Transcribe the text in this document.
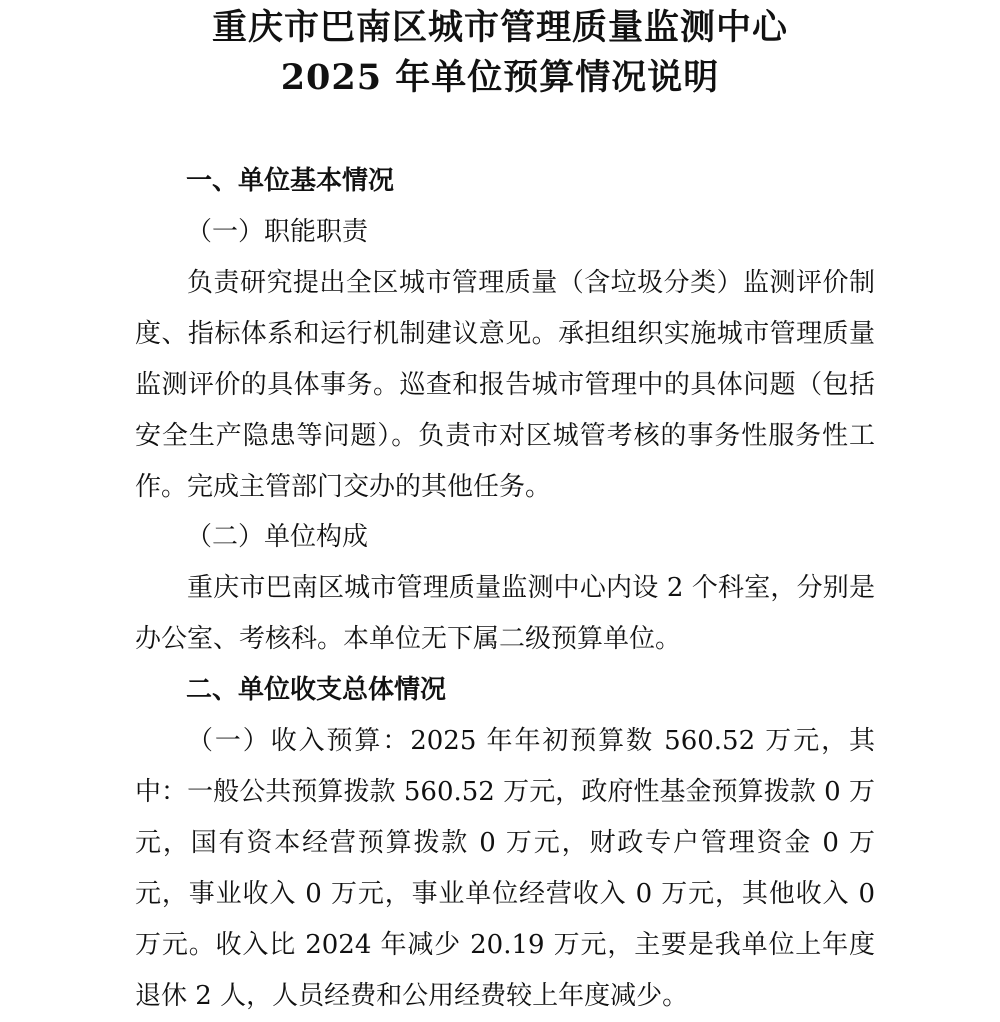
重庆市巴南区城市管理质量监测中心
2025 年单位预算情况说明
一、单位基本情况
（一）职能职责
负责研究提出全区城市管理质量（含垃圾分类）监测评价制度、指标体系和运行机制建议意见。承担组织实施城市管理质量监测评价的具体事务。巡查和报告城市管理中的具体问题（包括安全生产隐患等问题）。负责市对区城管考核的事务性服务性工作。完成主管部门交办的其他任务。
（二）单位构成
重庆市巴南区城市管理质量监测中心内设 2 个科室，分别是办公室、考核科。本单位无下属二级预算单位。
二、单位收支总体情况
（一）收入预算：2025 年年初预算数 560.52 万元，其中：一般公共预算拨款 560.52 万元，政府性基金预算拨款 0 万元，国有资本经营预算拨款 0 万元，财政专户管理资金 0 万元，事业收入 0 万元，事业单位经营收入 0 万元，其他收入 0 万元。收入比 2024 年减少 20.19 万元，主要是我单位上年度退休 2 人，人员经费和公用经费较上年度减少。
